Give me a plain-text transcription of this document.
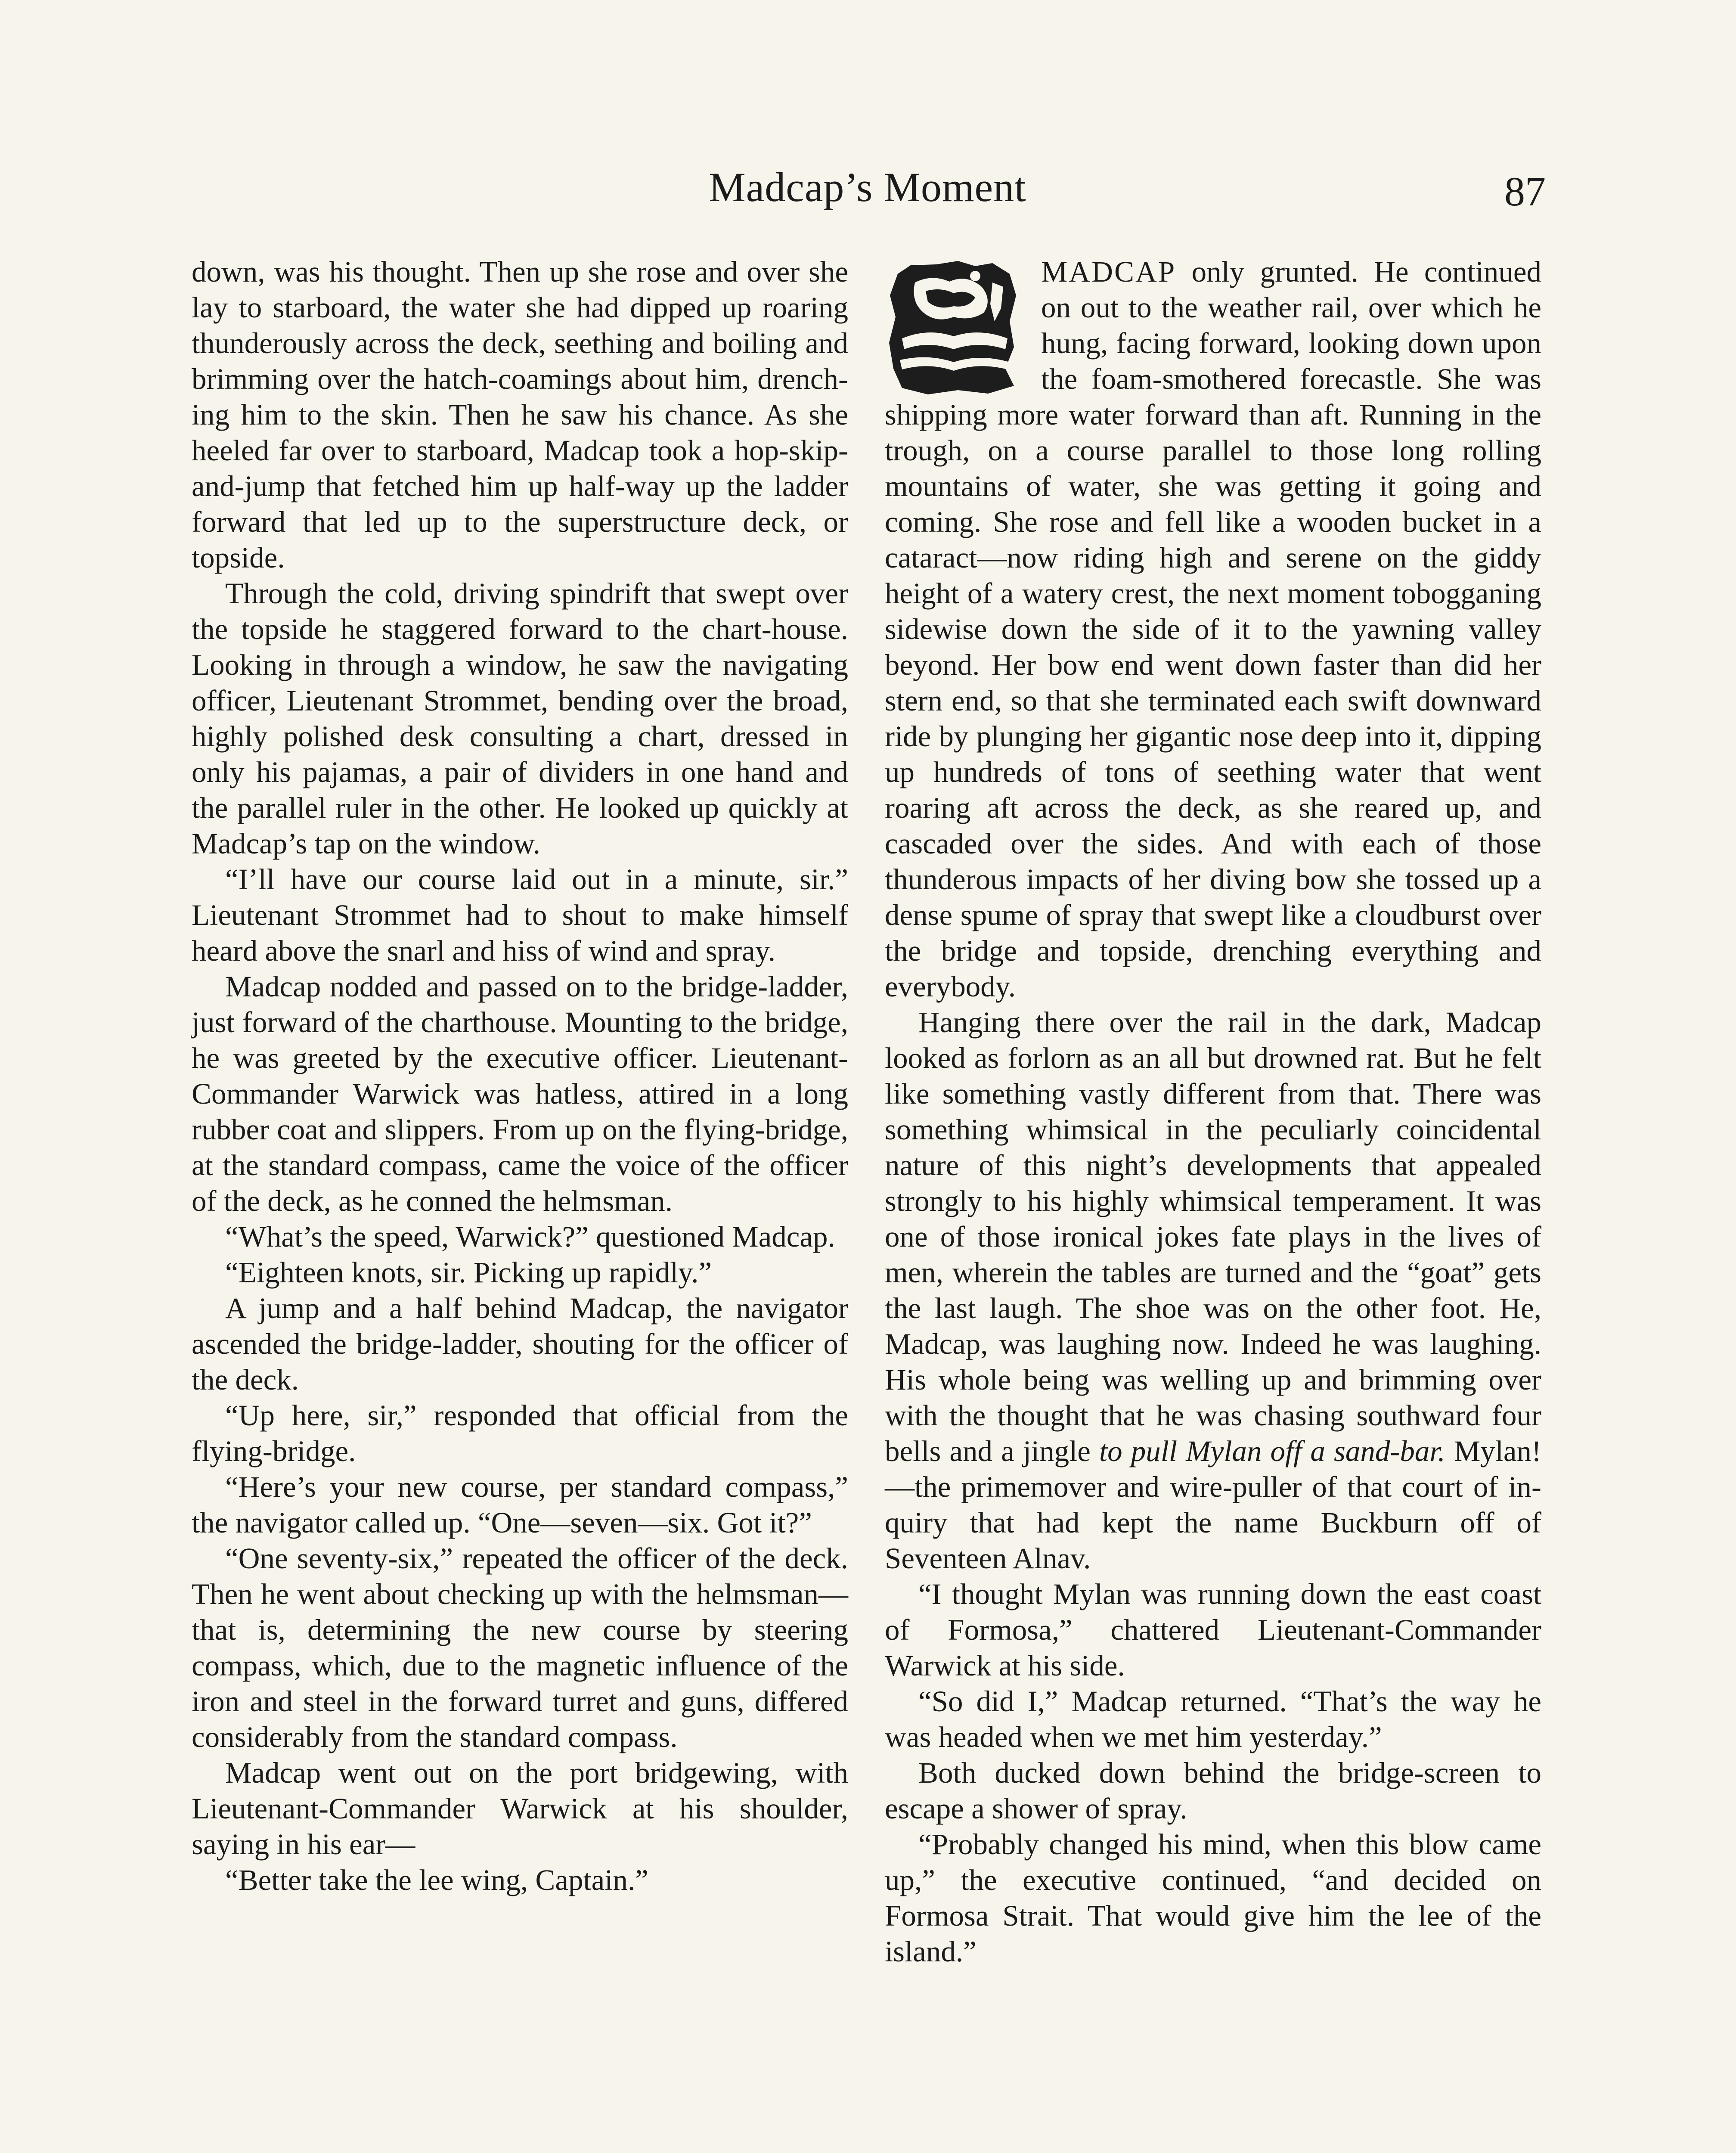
Madcap’s Moment	87

down, was his thought. Then up she rose and over she lay to starboard, the water she had dipped up roaring thunderously across the deck, seething and boiling and brimming over the hatch-coamings about him, drenching him to the skin. Then he saw his chance. As she heeled far over to starboard, Madcap took a hop-skip-and-jump that fetched him up half-way up the ladder forward that led up to the superstructure deck, or topside.

Through the cold, driving spindrift that swept over the topside he staggered forward to the chart-house. Looking in through a window, he saw the navigating officer, Lieutenant Strommet, bending over the broad, highly polished desk consulting a chart, dressed in only his pajamas, a pair of dividers in one hand and the parallel ruler in the other. He looked up quickly at Madcap’s tap on the window.

“I’ll have our course laid out in a minute, sir.” Lieutenant Strommet had to shout to make himself heard above the snarl and hiss of wind and spray.

Madcap nodded and passed on to the bridge-ladder, just forward of the charthouse. Mounting to the bridge, he was greeted by the executive officer. Lieutenant-Commander Warwick was hatless, attired in a long rubber coat and slippers. From up on the flying-bridge, at the standard compass, came the voice of the officer of the deck, as he conned the helmsman.

“What’s the speed, Warwick?” questioned Madcap.

“Eighteen knots, sir. Picking up rapidly.”

A jump and a half behind Madcap, the navigator ascended the bridge-ladder, shouting for the officer of the deck.

“Up here, sir,” responded that official from the flying-bridge.

“Here’s your new course, per standard compass,” the navigator called up. “One—seven—six. Got it?”

“One seventy-six,” repeated the officer of the deck. Then he went about checking up with the helmsman—that is, determining the new course by steering compass, which, due to the magnetic influence of the iron and steel in the forward turret and guns, differed considerably from the standard compass.

Madcap went out on the port bridgewing, with Lieutenant-Commander Warwick at his shoulder, saying in his ear—

“Better take the lee wing, Captain.”

MADCAP only grunted. He continued on out to the weather rail, over which he hung, facing forward, looking down upon the foam-smothered forecastle. She was shipping more water forward than aft. Running in the trough, on a course parallel to those long rolling mountains of water, she was getting it going and coming. She rose and fell like a wooden bucket in a cataract—now riding high and serene on the giddy height of a watery crest, the next moment tobogganing sidewise down the side of it to the yawning valley beyond. Her bow end went down faster than did her stern end, so that she terminated each swift downward ride by plunging her gigantic nose deep into it, dipping up hundreds of tons of seething water that went roaring aft across the deck, as she reared up, and cascaded over the sides. And with each of those thunderous impacts of her diving bow she tossed up a dense spume of spray that swept like a cloudburst over the bridge and topside, drenching everything and everybody.

Hanging there over the rail in the dark, Madcap looked as forlorn as an all but drowned rat. But he felt like something vastly different from that. There was something whimsical in the peculiarly coincidental nature of this night’s developments that appealed strongly to his highly whimsical temperament. It was one of those ironical jokes fate plays in the lives of men, wherein the tables are turned and the “goat” gets the last laugh. The shoe was on the other foot. He, Madcap, was laughing now. Indeed he was laughing. His whole being was welling up and brimming over with the thought that he was chasing southward four bells and a jingle to pull Mylan off a sand-bar. Mylan!—the primemover and wire-puller of that court of inquiry that had kept the name Buckburn off of Seventeen Alnav.

“I thought Mylan was running down the east coast of Formosa,” chattered Lieutenant-Commander Warwick at his side.

“So did I,” Madcap returned. “That’s the way he was headed when we met him yesterday.”

Both ducked down behind the bridge-screen to escape a shower of spray.

“Probably changed his mind, when this blow came up,” the executive continued, “and decided on Formosa Strait. That would give him the lee of the island.”
